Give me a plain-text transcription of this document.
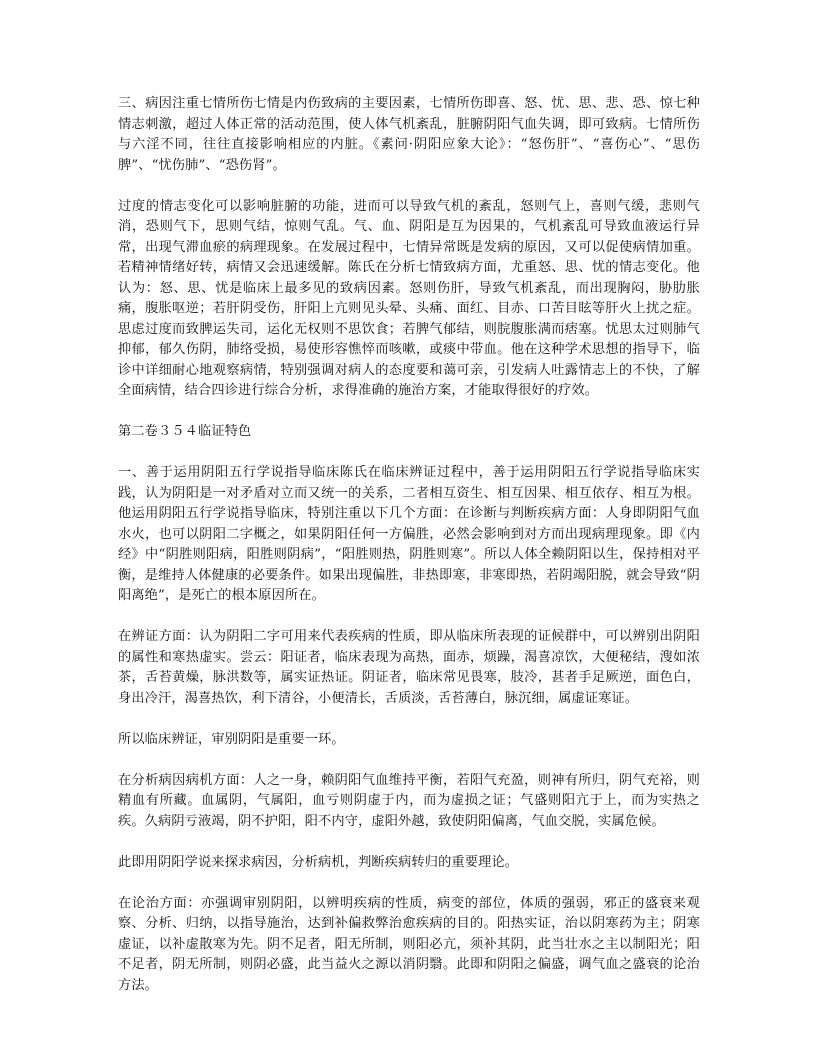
三、病因注重七情所伤七情是内伤致病的主要因素，七情所伤即喜、怒、忧、思、悲、恐、惊七种情志刺激，超过人体正常的活动范围，使人体气机紊乱，脏腑阴阳气血失调，即可致病。七情所伤与六淫不同，往往直接影响相应的内脏。《素问·阴阳应象大论》：“怒伤肝”、“喜伤心”、“思伤脾”、“忧伤肺”、“恐伤肾”。

过度的情志变化可以影响脏腑的功能，进而可以导致气机的紊乱，怒则气上，喜则气缓，悲则气消，恐则气下，思则气结，惊则气乱。气、血、阴阳是互为因果的，气机紊乱可导致血液运行异常，出现气滞血瘀的病理现象。在发展过程中，七情异常既是发病的原因，又可以促使病情加重。若精神情绪好转，病情又会迅速缓解。陈氏在分析七情致病方面，尤重怒、思、忧的情志变化。他认为：怒、思、忧是临床上最多见的致病因素。怒则伤肝，导致气机紊乱，而出现胸闷，胁肋胀痛，腹胀呕逆；若肝阴受伤，肝阳上亢则见头晕、头痛、面红、目赤、口苦目眩等肝火上扰之症。思虑过度而致脾运失司，运化无权则不思饮食；若脾气郁结，则脘腹胀满而痞塞。忧思太过则肺气抑郁，郁久伤阴，肺络受损，易使形容憔悴而咳嗽，或痰中带血。他在这种学术思想的指导下，临诊中详细耐心地观察病情，特别强调对病人的态度要和蔼可亲，引发病人吐露情志上的不快，了解全面病情，结合四诊进行综合分析，求得准确的施治方案，才能取得很好的疗效。

第二卷３５４临证特色

一、善于运用阴阳五行学说指导临床陈氏在临床辨证过程中，善于运用阴阳五行学说指导临床实践，认为阴阳是一对矛盾对立而又统一的关系，二者相互资生、相互因果、相互依存、相互为根。他运用阴阳五行学说指导临床，特别注重以下几个方面：在诊断与判断疾病方面：人身即阴阳气血水火，也可以阴阳二字概之，如果阴阳任何一方偏胜，必然会影响到对方而出现病理现象。即《内经》中“阴胜则阳病，阳胜则阴病”，“阳胜则热，阴胜则寒”。所以人体全赖阴阳以生，保持相对平衡，是维持人体健康的必要条件。如果出现偏胜，非热即寒，非寒即热，若阴竭阳脱，就会导致“阴阳离绝”，是死亡的根本原因所在。

在辨证方面：认为阴阳二字可用来代表疾病的性质，即从临床所表现的证候群中，可以辨别出阴阳的属性和寒热虚实。尝云：阳证者，临床表现为高热，面赤，烦躁，渴喜凉饮，大便秘结，溲如浓茶，舌苔黄燥，脉洪数等，属实证热证。阴证者，临床常见畏寒，肢冷，甚者手足厥逆，面色白，身出冷汗，渴喜热饮，利下清谷，小便清长，舌质淡，舌苔薄白，脉沉细，属虚证寒证。

所以临床辨证，审别阴阳是重要一环。

在分析病因病机方面：人之一身，赖阴阳气血维持平衡，若阳气充盈，则神有所归，阴气充裕，则精血有所藏。血属阴，气属阳，血亏则阴虚于内，而为虚损之证；气盛则阳亢于上，而为实热之疾。久病阴亏液竭，阴不护阳，阳不内守，虚阳外越，致使阴阳偏离，气血交脱，实属危候。

此即用阴阳学说来探求病因，分析病机，判断疾病转归的重要理论。

在论治方面：亦强调审别阴阳，以辨明疾病的性质，病变的部位，体质的强弱，邪正的盛衰来观察、分析、归纳，以指导施治，达到补偏救弊治愈疾病的目的。阳热实证，治以阴寒药为主；阴寒虚证，以补虚散寒为先。阴不足者，阳无所制，则阳必亢，须补其阴，此当壮水之主以制阳光；阳不足者，阴无所制，则阴必盛，此当益火之源以消阴翳。此即和阴阳之偏盛，调气血之盛衰的论治方法。
